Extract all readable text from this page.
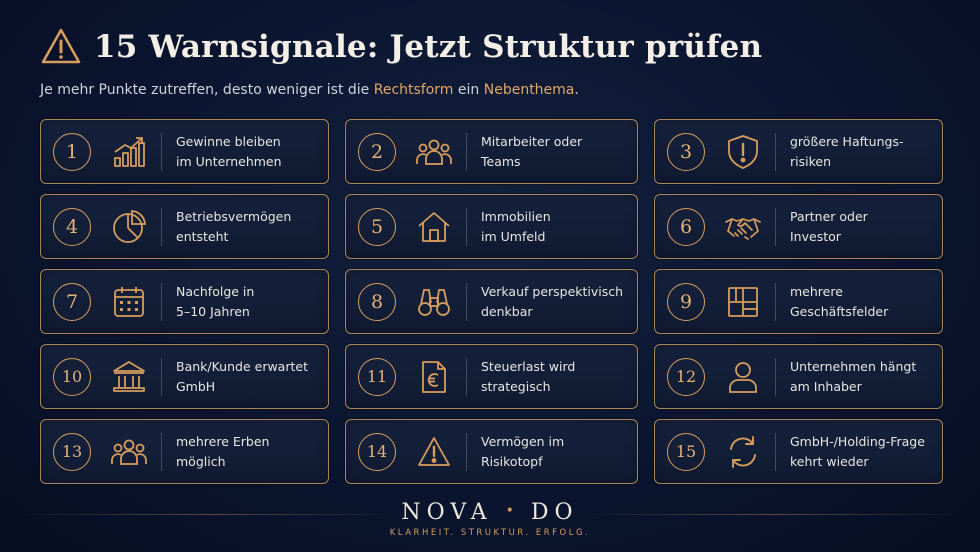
15 Warnsignale: Jetzt Struktur prüfen
Je mehr Punkte zutreffen, desto weniger ist die Rechtsform ein Nebenthema.
1	Gewinne bleiben
im Unternehmen	2	Mitarbeiter oder
Teams	3	größere Haftungs-
risiken
4	Betriebsvermögen
entsteht	5	Immobilien
im Umfeld	6	Partner oder
Investor
7	Nachfolge in
5–10 Jahren	8	Verkauf perspektivisch
denkbar	9	mehrere
Geschäftsfelder
10
Bank/Kunde erwartet
GmbH	11
Steuerlast wird
strategisch	12
Unternehmen hängt
am Inhaber
13
mehrere Erben
möglich	14
Vermögen im
Risikotopf	15
GmbH-/Holding-Frage
kehrt wieder
NOVA • DO
KLARHEIT. STRUKTUR. ERFOLG.
